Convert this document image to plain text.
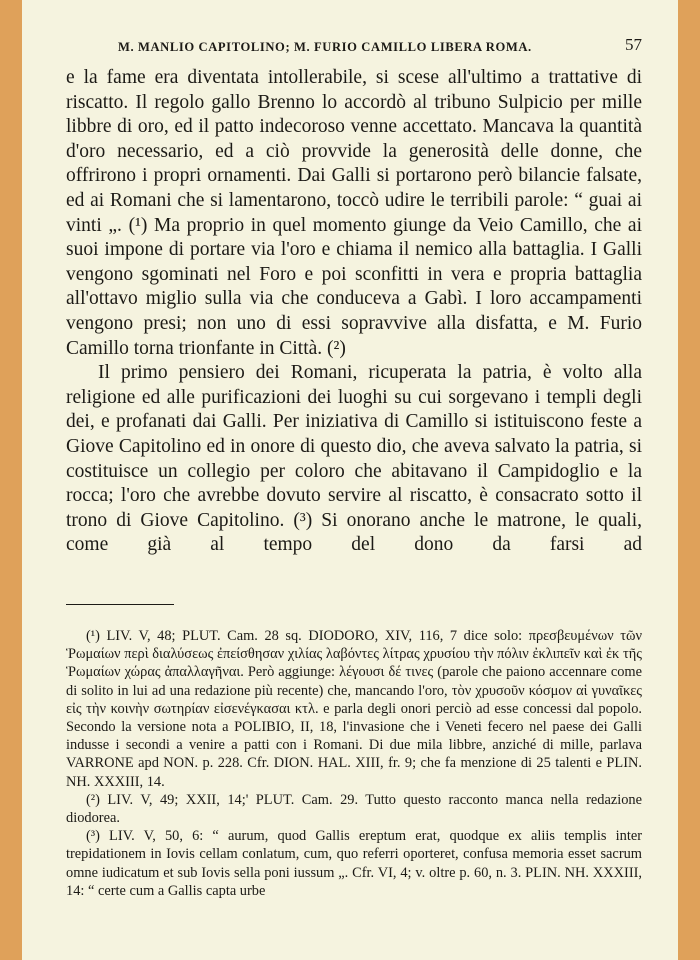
M. MANLIO CAPITOLINO; M. FURIO CAMILLO LIBERA ROMA.	57

e la fame era diventata intollerabile, si scese all'ultimo a trattative di riscatto. Il regolo gallo Brenno lo accordò al tribuno Sulpicio per mille libbre di oro, ed il patto indecoroso venne accettato. Mancava la quantità d'oro necessario, ed a ciò provvide la generosità delle donne, che offrirono i propri ornamenti. Dai Galli si portarono però bilancie falsate, ed ai Romani che si lamentarono, toccò udire le terribili parole: “ guai ai vinti „. (¹) Ma proprio in quel momento giunge da Veio Camillo, che ai suoi impone di portare via l'oro e chiama il nemico alla battaglia. I Galli vengono sgominati nel Foro e poi sconfitti in vera e propria battaglia all'ottavo miglio sulla via che conduceva a Gabì. I loro accampamenti vengono presi; non uno di essi sopravvive alla disfatta, e M. Furio Camillo torna trionfante in Città. (²)

Il primo pensiero dei Romani, ricuperata la patria, è volto alla religione ed alle purificazioni dei luoghi su cui sorgevano i templi degli dei, e profanati dai Galli. Per iniziativa di Camillo si istituiscono feste a Giove Capitolino ed in onore di questo dio, che aveva salvato la patria, si costituisce un collegio per coloro che abitavano il Campidoglio e la rocca; l'oro che avrebbe dovuto servire al riscatto, è consacrato sotto il trono di Giove Capitolino. (³) Si onorano anche le matrone, le quali, come già al tempo del dono da farsi ad

(¹) LIV. V, 48; PLUT. Cam. 28 sq. DIODORO, XIV, 116, 7 dice solo: πρεσβευμένων τῶν Ῥωμαίων περὶ διαλύσεως ἐπείσθησαν χιλίας λαβόντες λίτρας χρυσίου τὴν πόλιν ἐκλιπεῖν καὶ ἐκ τῆς Ῥωμαίων χώρας ἀπαλλαγῆναι. Però aggiunge: λέγουσι δέ τινες (parole che paiono accennare come di solito in lui ad una redazione più recente) che, mancando l'oro, τὸν χρυσοῦν κόσμον αἱ γυναῖκες εἰς τὴν κοινὴν σωτηρίαν εἰσενέγκασαι κτλ. e parla degli onori perciò ad esse concessi dal popolo. Secondo la versione nota a POLIBIO, II, 18, l'invasione che i Veneti fecero nel paese dei Galli indusse i secondi a venire a patti con i Romani. Di due mila libbre, anziché di mille, parlava VARRONE apd NON. p. 228. Cfr. DION. HAL. XIII, fr. 9; che fa menzione di 25 talenti e PLIN. NH. XXXIII, 14.

(²) LIV. V, 49; XXII, 14;' PLUT. Cam. 29. Tutto questo racconto manca nella redazione diodorea.

(³) LIV. V, 50, 6: “ aurum, quod Gallis ereptum erat, quodque ex aliis templis inter trepidationem in Iovis cellam conlatum, cum, quo referri oporteret, confusa memoria esset sacrum omne iudicatum et sub Iovis sella poni iussum „. Cfr. VI, 4; v. oltre p. 60, n. 3. PLIN. NH. XXXIII, 14: “ certe cum a Gallis capta urbe
